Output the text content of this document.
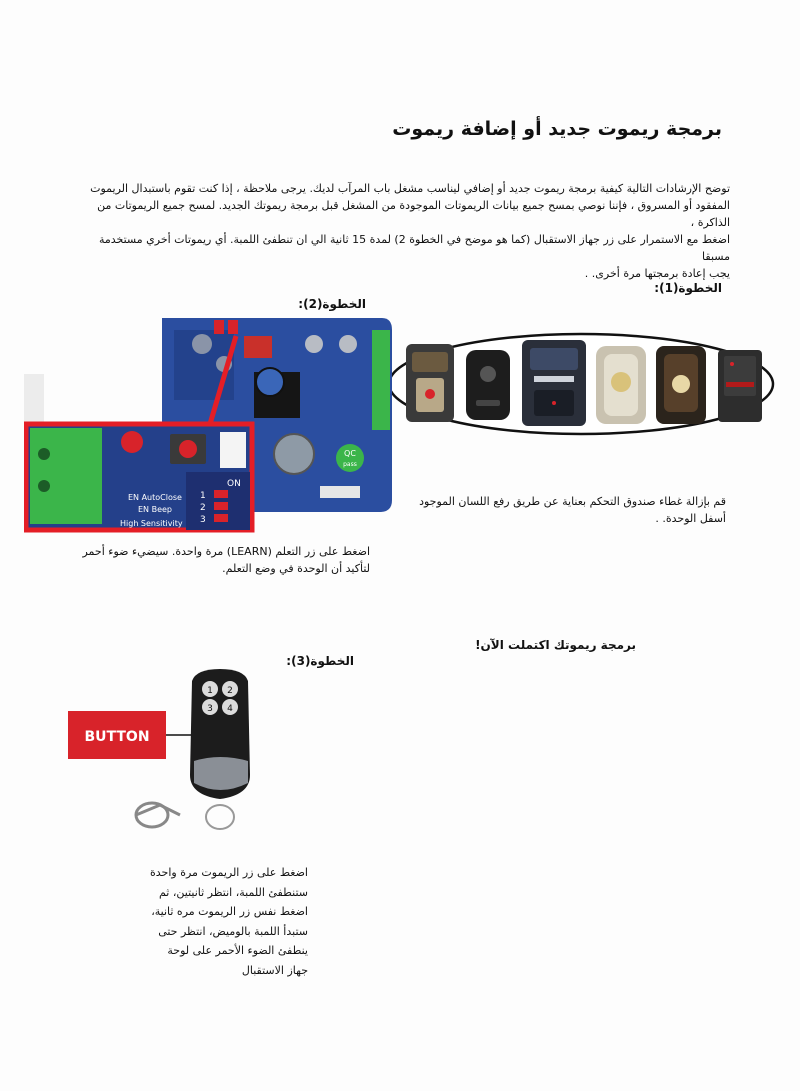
برمجة ريموت جديد أو إضافة ريموت
توضح الإرشادات التالية كيفية برمجة ريموت جديد أو إضافي ليناسب مشغل باب المرآب لديك. يرجى ملاحظة ، إذا كنت تقوم باستبدال الريموت
المفقود أو المسروق ، فإننا نوصي بمسح جميع بيانات الريموتات الموجودة من المشغل قبل برمجة ريموتك الجديد. لمسح جميع الريموتات من الذاكرة ،
اضغط مع الاستمرار على زر جهاز الاستقبال (كما هو موضح في الخطوة 2) لمدة 15 ثانية الي ان تنطفئ اللمبة. أي ريموتات أخري مستخدمة مسبقا
يجب إعادة برمجتها مرة أخرى. .
الخطوة(1):
قم بإزالة غطاء صندوق التحكم بعناية عن طريق رفع اللسان الموجود
أسفل الوحدة. .
الخطوة(2):
QC
pass
ON
1
2
3
EN AutoClose
EN Beep
High Sensitivity
اضغط على زر التعلم (LEARN) مرة واحدة. سيضيء ضوء أحمر
لتأكيد أن الوحدة في وضع التعلم.
برمجة ريموتك اكتملت الآن!
الخطوة(3):
BUTTON
1 2
3 4
اضغط على زر الريموت مرة واحدة
ستنطفئ اللمبة، انتظر ثانيتين، ثم
اضغط نفس زر الريموت مره ثانية،
ستبدأ اللمبة بالوميض، انتظر حتى
ينطفئ الضوء الأحمر على لوحة
جهاز الاستقبال
